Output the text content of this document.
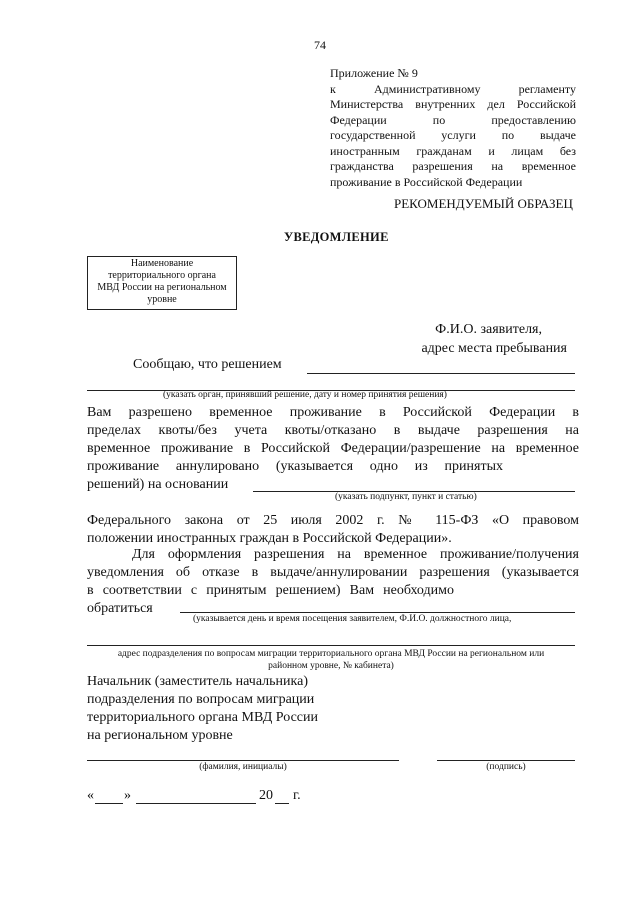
74
Приложение № 9
к Административному регламенту
Министерства внутренних дел Российской
Федерации по предоставлению
государственной услуги по выдаче
иностранным гражданам и лицам без
гражданства разрешения на временное
проживание в Российской Федерации
РЕКОМЕНДУЕМЫЙ ОБРАЗЕЦ
УВЕДОМЛЕНИЕ
Наименование
территориального органа
МВД России на региональном
уровне
Ф.И.О. заявителя,
адрес места пребывания
Сообщаю, что решением
(указать орган, принявший решение, дату и номер принятия решения)
Вам разрешено временное проживание в Российской Федерации в
пределах квоты/без учета квоты/отказано в выдаче разрешения на
временное проживание в Российской Федерации/разрешение на временное
проживание аннулировано (указывается одно из принятых
решений) на основании
(указать подпункт, пункт и статью)
Федерального закона от 25 июля 2002 г. № 115-ФЗ «О правовом
положении иностранных граждан в Российской Федерации».
Для оформления разрешения на временное проживание/получения
уведомления об отказе в выдаче/аннулировании разрешения (указывается
в соответствии с принятым решением) Вам необходимо
обратиться
(указывается день и время посещения заявителем, Ф.И.О. должностного лица,
адрес подразделения по вопросам миграции территориального органа МВД России на региональном или
районном уровне, № кабинета)
Начальник (заместитель начальника)
подразделения по вопросам миграции
территориального органа МВД России
на региональном уровне
(фамилия, инициалы)	(подпись)
« »	20 г.
